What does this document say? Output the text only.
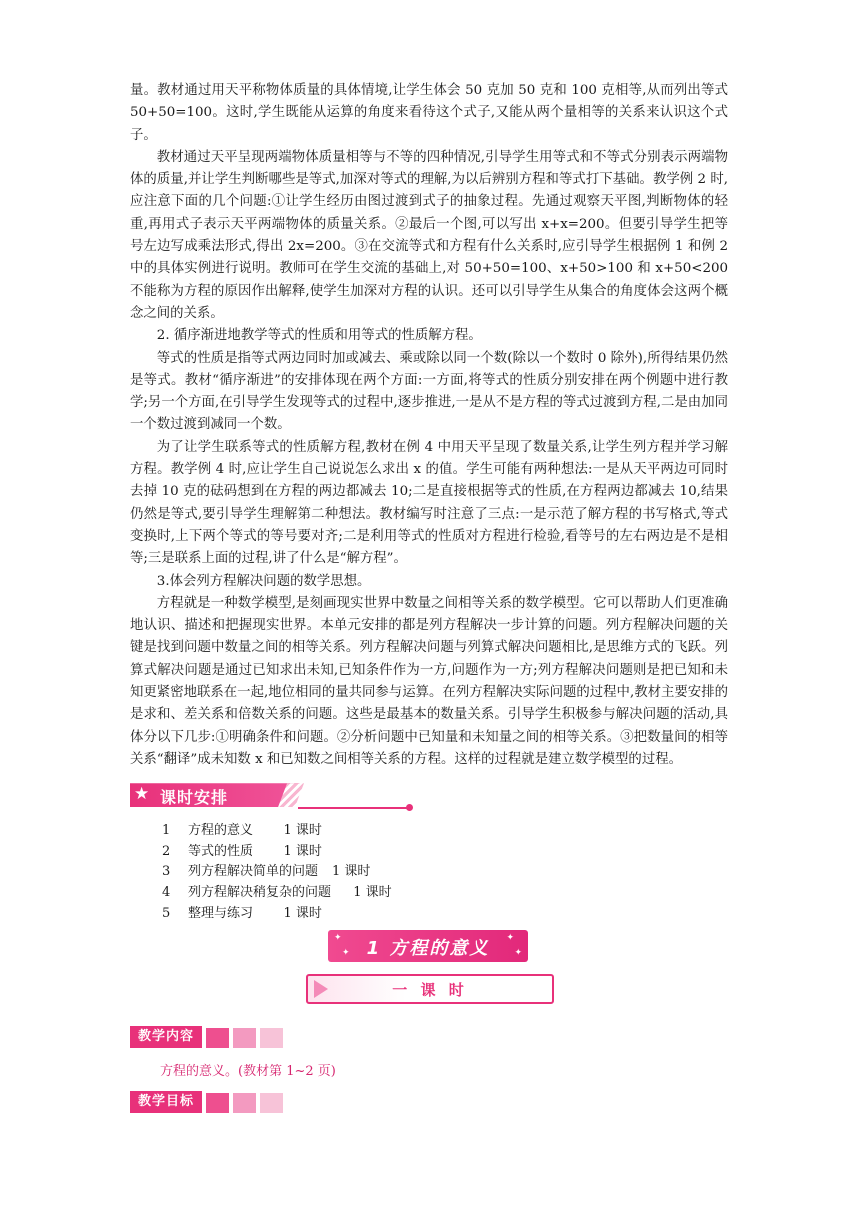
量。教材通过用天平称物体质量的具体情境,让学生体会 50 克加 50 克和 100 克相等,从而列出等式 50+50=100。这时,学生既能从运算的角度来看待这个式子,又能从两个量相等的关系来认识这个式子。

教材通过天平呈现两端物体质量相等与不等的四种情况,引导学生用等式和不等式分别表示两端物体的质量,并让学生判断哪些是等式,加深对等式的理解,为以后辨别方程和等式打下基础。教学例 2 时,应注意下面的几个问题:①让学生经历由图过渡到式子的抽象过程。先通过观察天平图,判断物体的轻重,再用式子表示天平两端物体的质量关系。②最后一个图,可以写出 x+x=200。但要引导学生把等号左边写成乘法形式,得出 2x=200。③在交流等式和方程有什么关系时,应引导学生根据例 1 和例 2 中的具体实例进行说明。教师可在学生交流的基础上,对 50+50=100、x+50>100 和 x+50<200 不能称为方程的原因作出解释,使学生加深对方程的认识。还可以引导学生从集合的角度体会这两个概念之间的关系。

2. 循序渐进地教学等式的性质和用等式的性质解方程。

等式的性质是指等式两边同时加或减去、乘或除以同一个数(除以一个数时 0 除外),所得结果仍然是等式。教材“循序渐进”的安排体现在两个方面:一方面,将等式的性质分别安排在两个例题中进行教学;另一个方面,在引导学生发现等式的过程中,逐步推进,一是从不是方程的等式过渡到方程,二是由加同一个数过渡到减同一个数。

为了让学生联系等式的性质解方程,教材在例 4 中用天平呈现了数量关系,让学生列方程并学习解方程。教学例 4 时,应让学生自己说说怎么求出 x 的值。学生可能有两种想法:一是从天平两边可同时去掉 10 克的砝码想到在方程的两边都减去 10;二是直接根据等式的性质,在方程两边都减去 10,结果仍然是等式,要引导学生理解第二种想法。教材编写时注意了三点:一是示范了解方程的书写格式,等式变换时,上下两个等式的等号要对齐;二是利用等式的性质对方程进行检验,看等号的左右两边是不是相等;三是联系上面的过程,讲了什么是“解方程”。

3.体会列方程解决问题的数学思想。

方程就是一种数学模型,是刻画现实世界中数量之间相等关系的数学模型。它可以帮助人们更准确地认识、描述和把握现实世界。本单元安排的都是列方程解决一步计算的问题。列方程解决问题的关键是找到问题中数量之间的相等关系。列方程解决问题与列算式解决问题相比,是思维方式的飞跃。列算式解决问题是通过已知求出未知,已知条件作为一方,问题作为一方;列方程解决问题则是把已知和未知更紧密地联系在一起,地位相同的量共同参与运算。在列方程解决实际问题的过程中,教材主要安排的是求和、差关系和倍数关系的问题。这些是最基本的数量关系。引导学生积极参与解决问题的活动,具体分以下几步:①明确条件和问题。②分析问题中已知量和未知量之间的相等关系。③把数量间的相等关系“翻译”成未知数 x 和已知数之间相等关系的方程。这样的过程就是建立数学模型的过程。

★ 课时安排
1	方程的意义 1 课时
2	等式的性质 1 课时
3	列方程解决简单的问题 1 课时
4	列方程解决稍复杂的问题 1 课时
5	整理与练习 1 课时
✦
✦ 1 方程的意义	✦
✦
一 课 时
教学内容
方程的意义。(教材第 1~2 页)
教学目标
